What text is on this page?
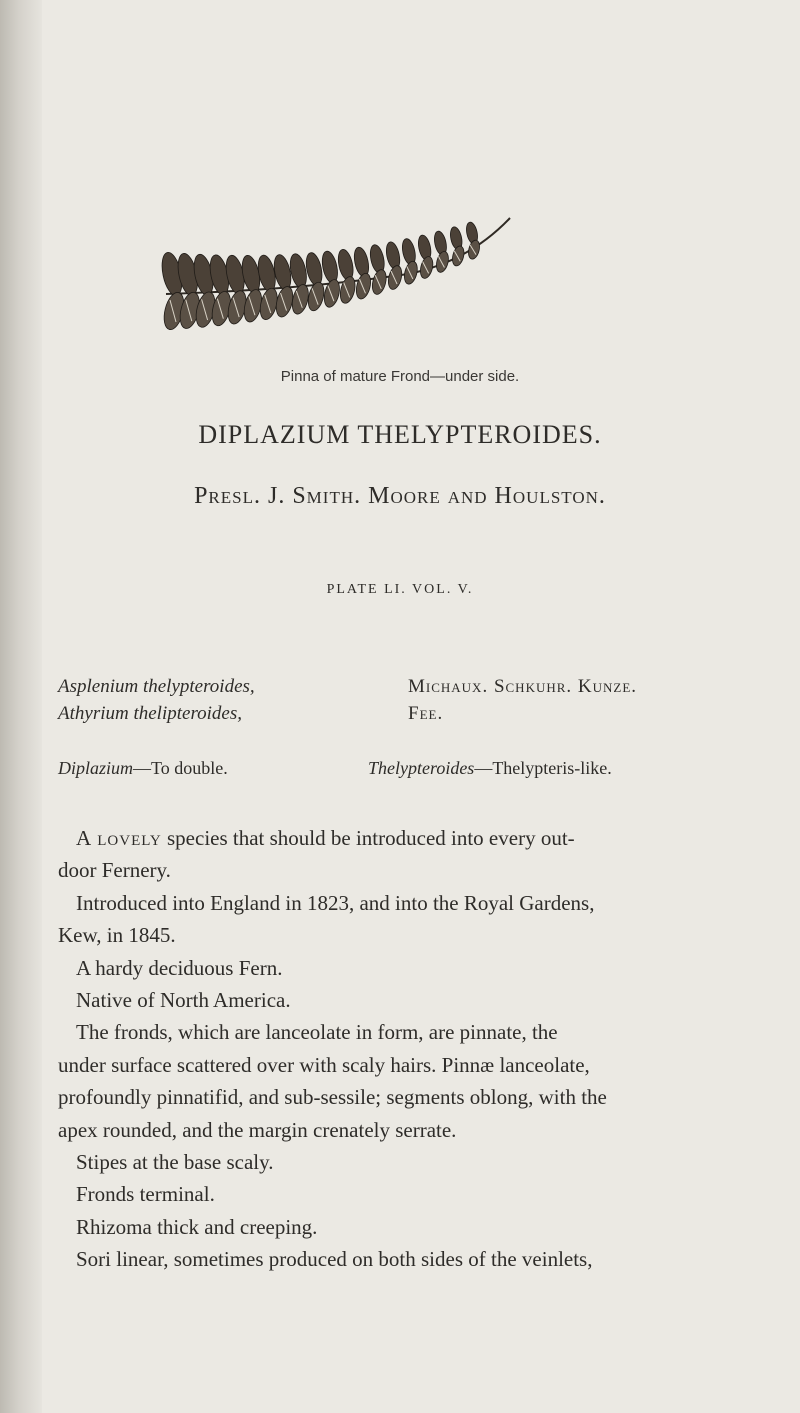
Pinna of mature Frond—under side.
DIPLAZIUM THELYPTEROIDES.
Presl. J. Smith. Moore and Houlston.
PLATE LI. VOL. V.
Asplenium thelypteroides,
Athyrium thelipteroides,
Michaux. Schkuhr. Kunze.
Fee.
Diplazium—To double.	Thelypteroides—Thelypteris-like.

A lovely species that should be introduced into every out-

door Fernery.

Introduced into England in 1823, and into the Royal Gardens,

Kew, in 1845.

A hardy deciduous Fern.

Native of North America.

The fronds, which are lanceolate in form, are pinnate, the

under surface scattered over with scaly hairs. Pinnæ lanceolate,

profoundly pinnatifid, and sub-sessile; segments oblong, with the

apex rounded, and the margin crenately serrate.

Stipes at the base scaly.

Fronds terminal.

Rhizoma thick and creeping.

Sori linear, sometimes produced on both sides of the veinlets,
